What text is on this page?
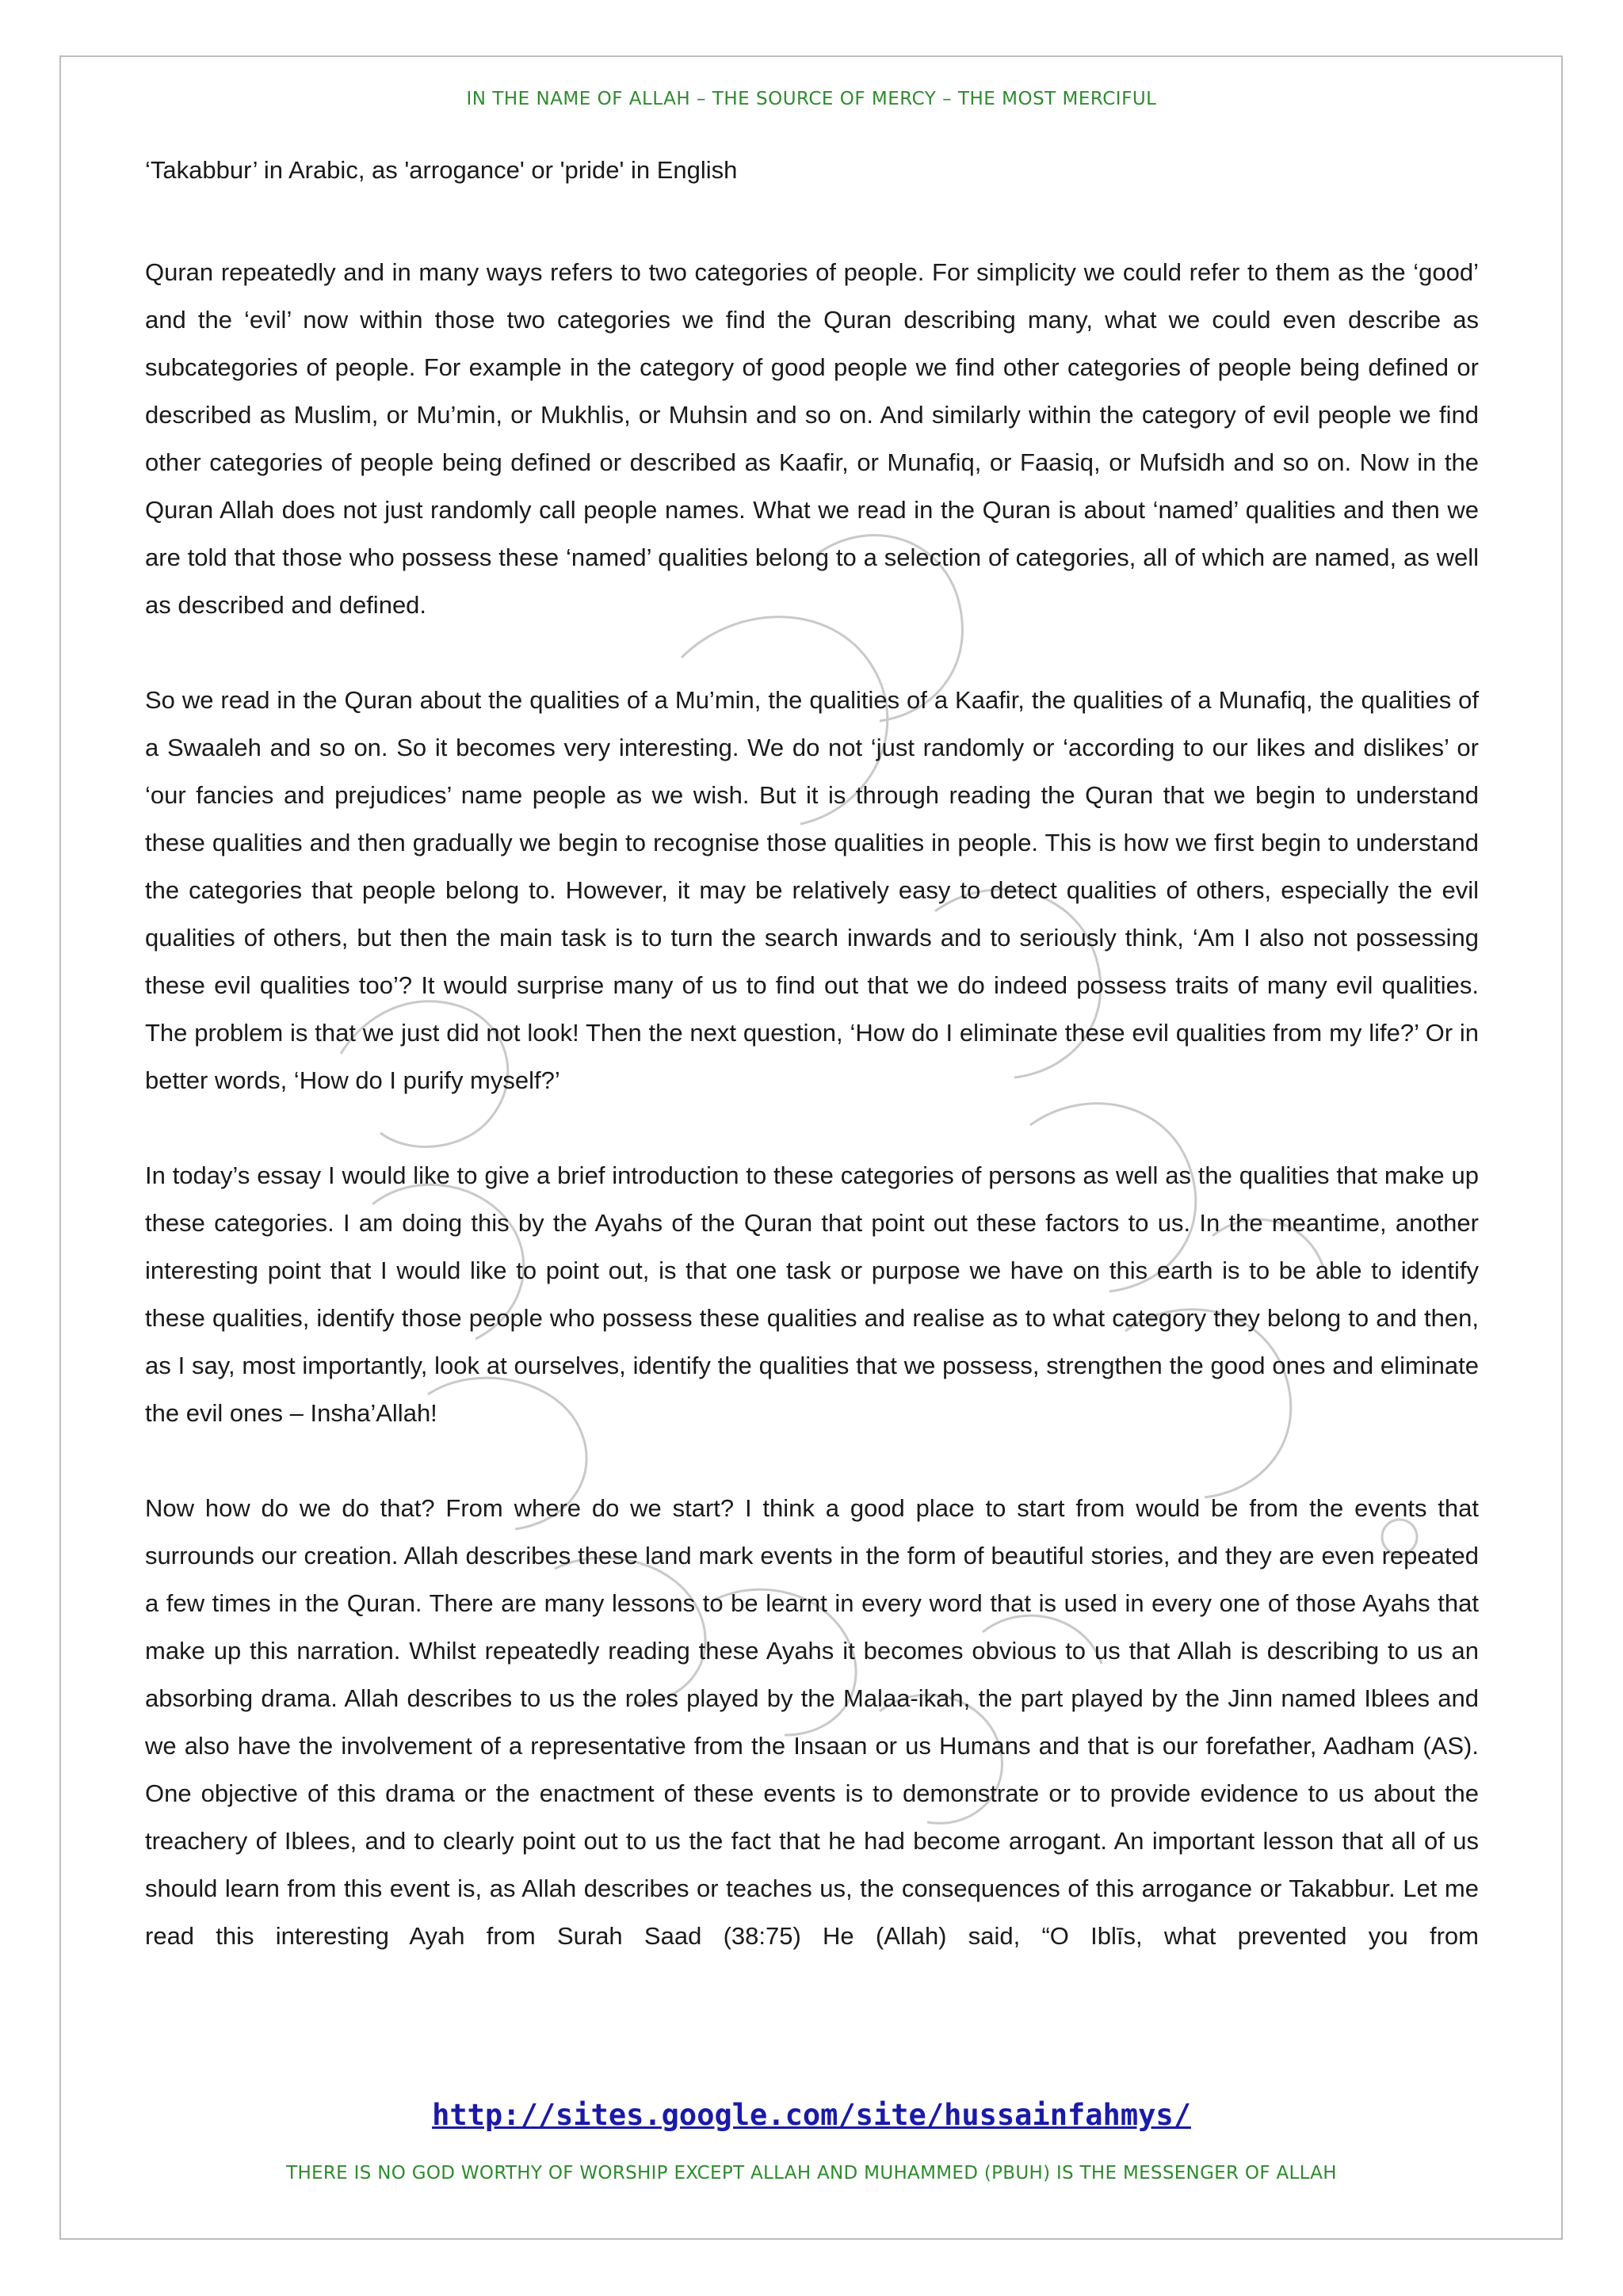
IN THE NAME OF ALLAH – THE SOURCE OF MERCY – THE MOST MERCIFUL
‘Takabbur’ in Arabic, as 'arrogance' or 'pride' in English

Quran repeatedly and in many ways refers to two categories of people. For simplicity we could refer to them as the ‘good’ and the ‘evil’ now within those two categories we find the Quran describing many, what we could even describe as subcategories of people. For example in the category of good people we find other categories of people being defined or described as Muslim, or Mu’min, or Mukhlis, or Muhsin and so on. And similarly within the category of evil people we find other categories of people being defined or described as Kaafir, or Munafiq, or Faasiq, or Mufsidh and so on. Now in the Quran Allah does not just randomly call people names. What we read in the Quran is about ‘named’ qualities and then we are told that those who possess these ‘named’ qualities belong to a selection of categories, all of which are named, as well as described and defined.

So we read in the Quran about the qualities of a Mu’min, the qualities of a Kaafir, the qualities of a Munafiq, the qualities of a Swaaleh and so on. So it becomes very interesting. We do not ‘just randomly or ‘according to our likes and dislikes’ or ‘our fancies and prejudices’ name people as we wish. But it is through reading the Quran that we begin to understand these qualities and then gradually we begin to recognise those qualities in people. This is how we first begin to understand the categories that people belong to. However, it may be relatively easy to detect qualities of others, especially the evil qualities of others, but then the main task is to turn the search inwards and to seriously think, ‘Am I also not possessing these evil qualities too’? It would surprise many of us to find out that we do indeed possess traits of many evil qualities. The problem is that we just did not look! Then the next question, ‘How do I eliminate these evil qualities from my life?’ Or in better words, ‘How do I purify myself?’

In today’s essay I would like to give a brief introduction to these categories of persons as well as the qualities that make up these categories. I am doing this by the Ayahs of the Quran that point out these factors to us. In the meantime, another interesting point that I would like to point out, is that one task or purpose we have on this earth is to be able to identify these qualities, identify those people who possess these qualities and realise as to what category they belong to and then, as I say, most importantly, look at ourselves, identify the qualities that we possess, strengthen the good ones and eliminate the evil ones – Insha’Allah!

Now how do we do that? From where do we start? I think a good place to start from would be from the events that surrounds our creation. Allah describes these land mark events in the form of beautiful stories, and they are even repeated a few times in the Quran. There are many lessons to be learnt in every word that is used in every one of those Ayahs that make up this narration. Whilst repeatedly reading these Ayahs it becomes obvious to us that Allah is describing to us an absorbing drama. Allah describes to us the roles played by the Malaa-ikah, the part played by the Jinn named Iblees and we also have the involvement of a representative from the Insaan or us Humans and that is our forefather, Aadham (AS). One objective of this drama or the enactment of these events is to demonstrate or to provide evidence to us about the treachery of Iblees, and to clearly point out to us the fact that he had become arrogant. An important lesson that all of us should learn from this event is, as Allah describes or teaches us, the consequences of this arrogance or Takabbur. Let me read this interesting Ayah from Surah Saad (38:75) He (Allah) said, “O Iblīs, what prevented you from

http://sites.google.com/site/hussainfahmys/
THERE IS NO GOD WORTHY OF WORSHIP EXCEPT ALLAH AND MUHAMMED (PBUH) IS THE MESSENGER OF ALLAH
